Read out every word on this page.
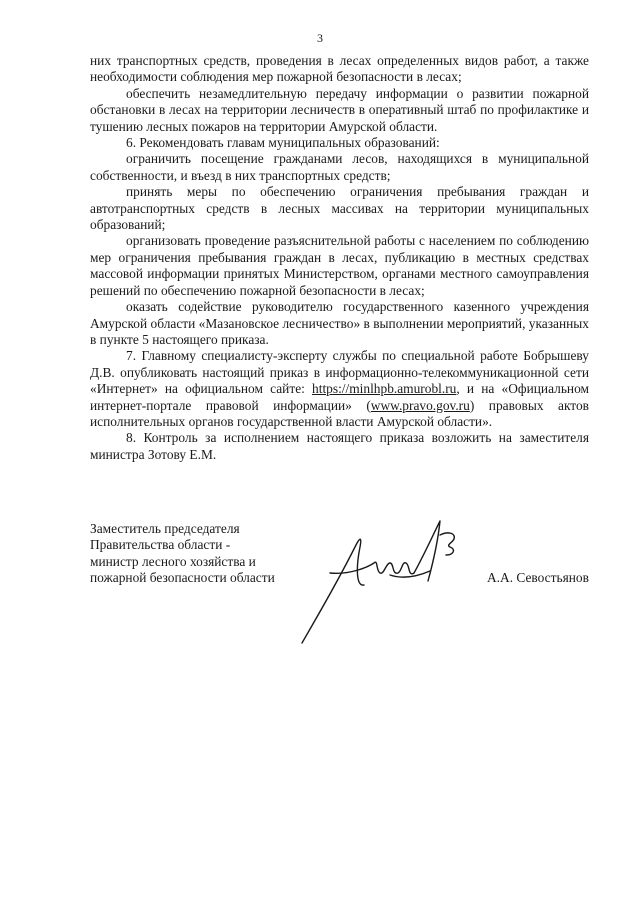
3

них транспортных средств, проведения в лесах определенных видов работ, а также необходимости соблюдения мер пожарной безопасности в лесах;

обеспечить незамедлительную передачу информации о развитии пожарной обстановки в лесах на территории лесничеств в оперативный штаб по профилактике и тушению лесных пожаров на территории Амурской области.

6. Рекомендовать главам муниципальных образований:

ограничить посещение гражданами лесов, находящихся в муниципальной собственности, и въезд в них транспортных средств;

принять меры по обеспечению ограничения пребывания граждан и автотранспортных средств в лесных массивах на территории муниципальных образований;

организовать проведение разъяснительной работы с населением по соблюдению мер ограничения пребывания граждан в лесах, публикацию в местных средствах массовой информации принятых Министерством, органами местного самоуправления решений по обеспечению пожарной безопасности в лесах;

оказать содействие руководителю государственного казенного учреждения Амурской области «Мазановское лесничество» в выполнении мероприятий, указанных в пункте 5 настоящего приказа.

7. Главному специалисту-эксперту службы по специальной работе Бобрышеву Д.В. опубликовать настоящий приказ в информационно-телекоммуникационной сети «Интернет» на официальном сайте: https://minlhpb.amurobl.ru, и на «Официальном интернет-портале правовой информации» (www.pravo.gov.ru) правовых актов исполнительных органов государственной власти Амурской области».

8. Контроль за исполнением настоящего приказа возложить на заместителя министра Зотову Е.М.

Заместитель председателя
Правительства области -
министр лесного хозяйства и
пожарной безопасности области	А.А. Севостьянов
